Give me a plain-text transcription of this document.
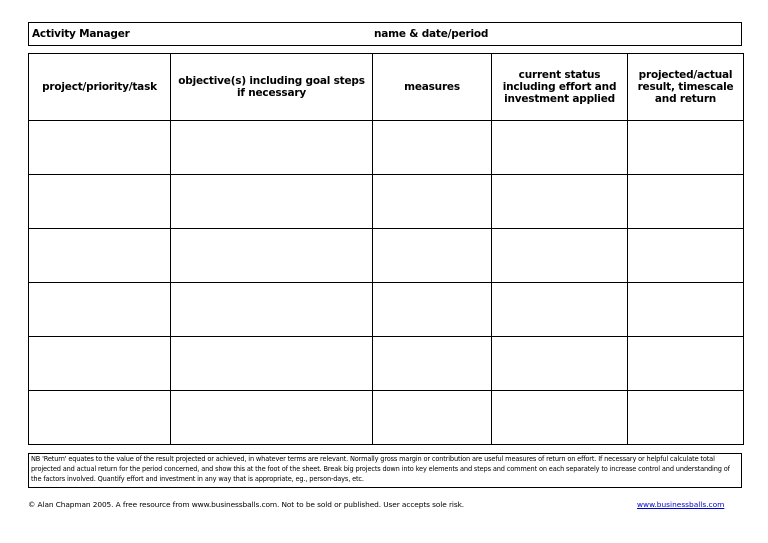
Activity Manager	name & date/period
project/priority/task	objective(s) including goal steps if necessary	measures	current status including effort and investment applied	projected/actual result, timescale and return

NB 'Return' equates to the value of the result projected or achieved, in whatever terms are relevant. Normally gross margin or contribution are useful measures of return on effort. If necessary or helpful calculate total projected and actual return for the period concerned, and show this at the foot of the sheet. Break big projects down into key elements and steps and comment on each separately to increase control and understanding of the factors involved. Quantify effort and investment in any way that is appropriate, eg., person-days, etc.
© Alan Chapman 2005. A free resource from www.businessballs.com. Not to be sold or published. User accepts sole risk.	www.businessballs.com
